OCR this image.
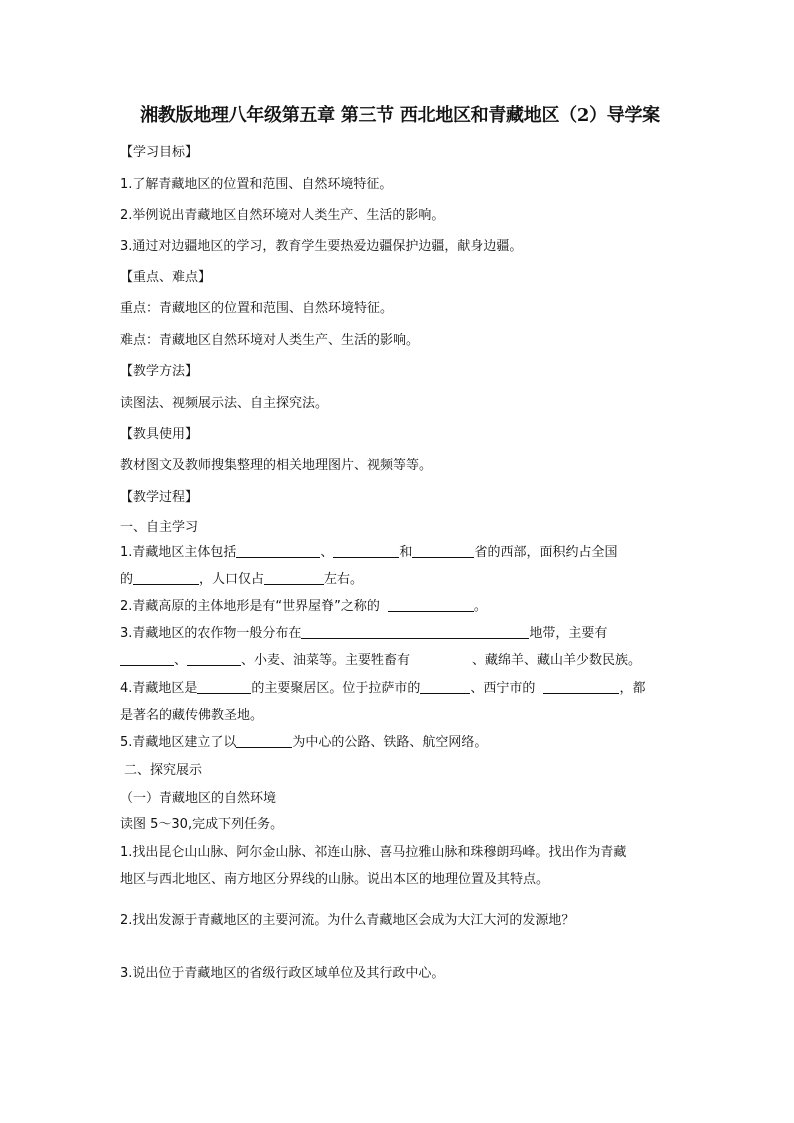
湘教版地理八年级第五章 第三节 西北地区和青藏地区（2）导学案
【学习目标】
1.了解青藏地区的位置和范围、自然环境特征。
2.举例说出青藏地区自然环境对人类生产、生活的影响。
3.通过对边疆地区的学习，教育学生要热爱边疆保护边疆，献身边疆。
【重点、难点】
重点：青藏地区的位置和范围、自然环境特征。
难点：青藏地区自然环境对人类生产、生活的影响。
【教学方法】
读图法、视频展示法、自主探究法。
【教具使用】
教材图文及教师搜集整理的相关地理图片、视频等等。
【教学过程】
一、自主学习
1.青藏地区主体包括	、	和	省的西部，面积约占全国
的	，人口仅占	左右。
2.青藏高原的主体地形是有“世界屋脊”之称的	。
3.青藏地区的农作物一般分布在	地带，主要有
、	、小麦、油菜等。主要牲畜有	、藏绵羊、藏山羊少数民族。
4.青藏地区是	的主要聚居区。位于拉萨市的	、西宁市的	，都
是著名的藏传佛教圣地。
5.青藏地区建立了以	为中心的公路、铁路、航空网络。
二、探究展示
（一）青藏地区的自然环境
读图 5～30,完成下列任务。
1.找出昆仑山山脉、阿尔金山脉、祁连山脉、喜马拉雅山脉和珠穆朗玛峰。找出作为青藏
地区与西北地区、南方地区分界线的山脉。说出本区的地理位置及其特点。
2.找出发源于青藏地区的主要河流。为什么青藏地区会成为大江大河的发源地？
3.说出位于青藏地区的省级行政区域单位及其行政中心。
